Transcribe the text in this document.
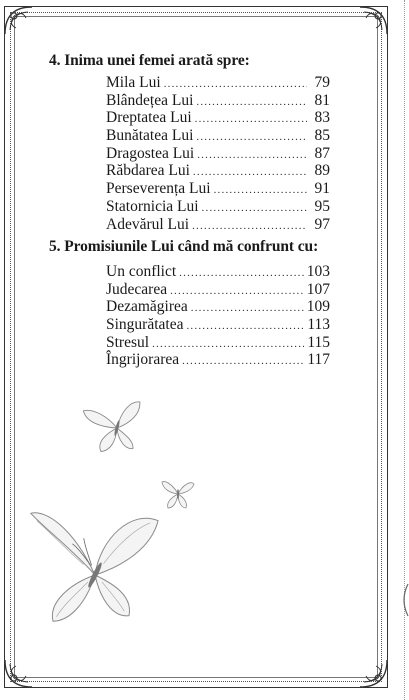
4. Inima unei femei arată spre:
Mila Lui .....	79
Blândețea Lui .....	81
Dreptatea Lui .....	83
Bunătatea Lui .....	85
Dragostea Lui .....	87
Răbdarea Lui .....	89
Perseverența Lui .....	91
Statornicia Lui .....	95
Adevărul Lui .....	97
5. Promisiunile Lui când mă confrunt cu:
Un conflict .....	103
Judecarea .....	107
Dezamăgirea .....	109
Singurătatea .....	113
Stresul .....	115
Îngrijorarea .....	117
